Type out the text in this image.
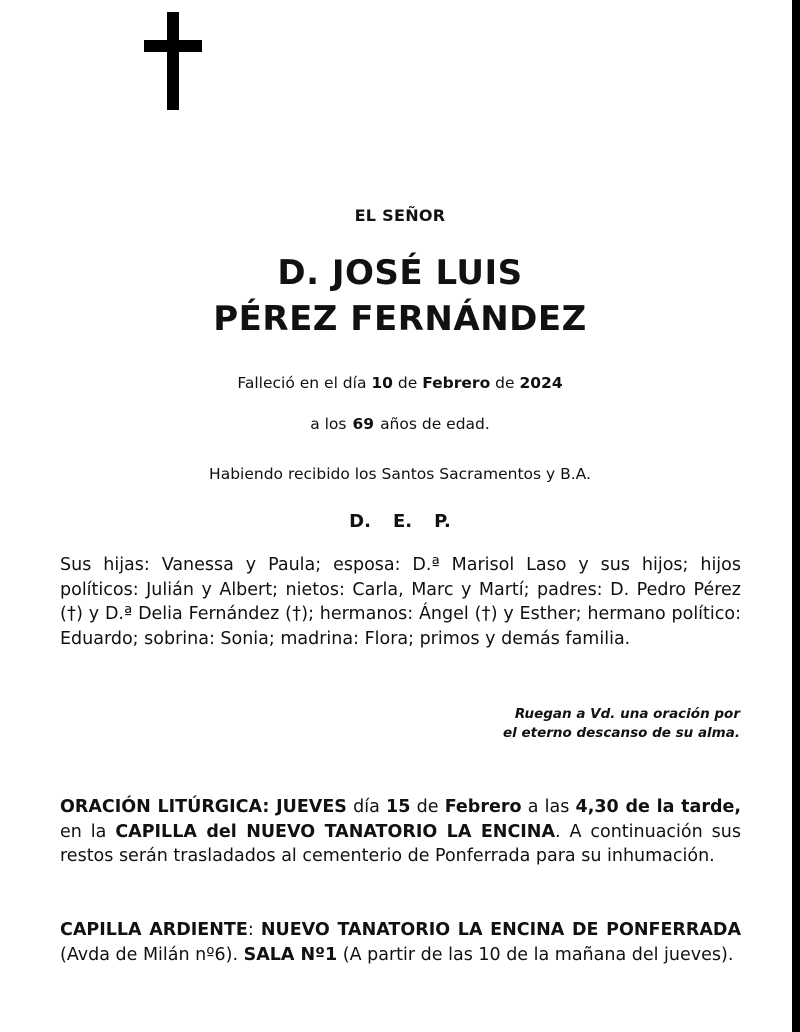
EL SEÑOR
D. JOSÉ LUIS
PÉREZ FERNÁNDEZ
Falleció en el día 10 de Febrero de 2024
a los 69 años de edad.
Habiendo recibido los Santos Sacramentos y B.A.
D. E. P.
Sus hijas: Vanessa y Paula; esposa: D.ª Marisol Laso y sus hijos; hijos políticos: Julián y Albert; nietos: Carla, Marc y Martí; padres: D. Pedro Pérez (†) y D.ª Delia Fernández (†); hermanos: Ángel (†) y Esther; hermano político: Eduardo; sobrina: Sonia; madrina: Flora; primos y demás familia.
Ruegan a Vd. una oración por
el eterno descanso de su alma.
ORACIÓN LITÚRGICA: JUEVES día 15 de Febrero a las 4,30 de la tarde, en la CAPILLA del NUEVO TANATORIO LA ENCINA. A continuación sus restos serán trasladados al cementerio de Ponferrada para su inhumación.
CAPILLA ARDIENTE: NUEVO TANATORIO LA ENCINA DE PONFERRADA (Avda de Milán nº6). SALA Nº1 (A partir de las 10 de la mañana del jueves).
